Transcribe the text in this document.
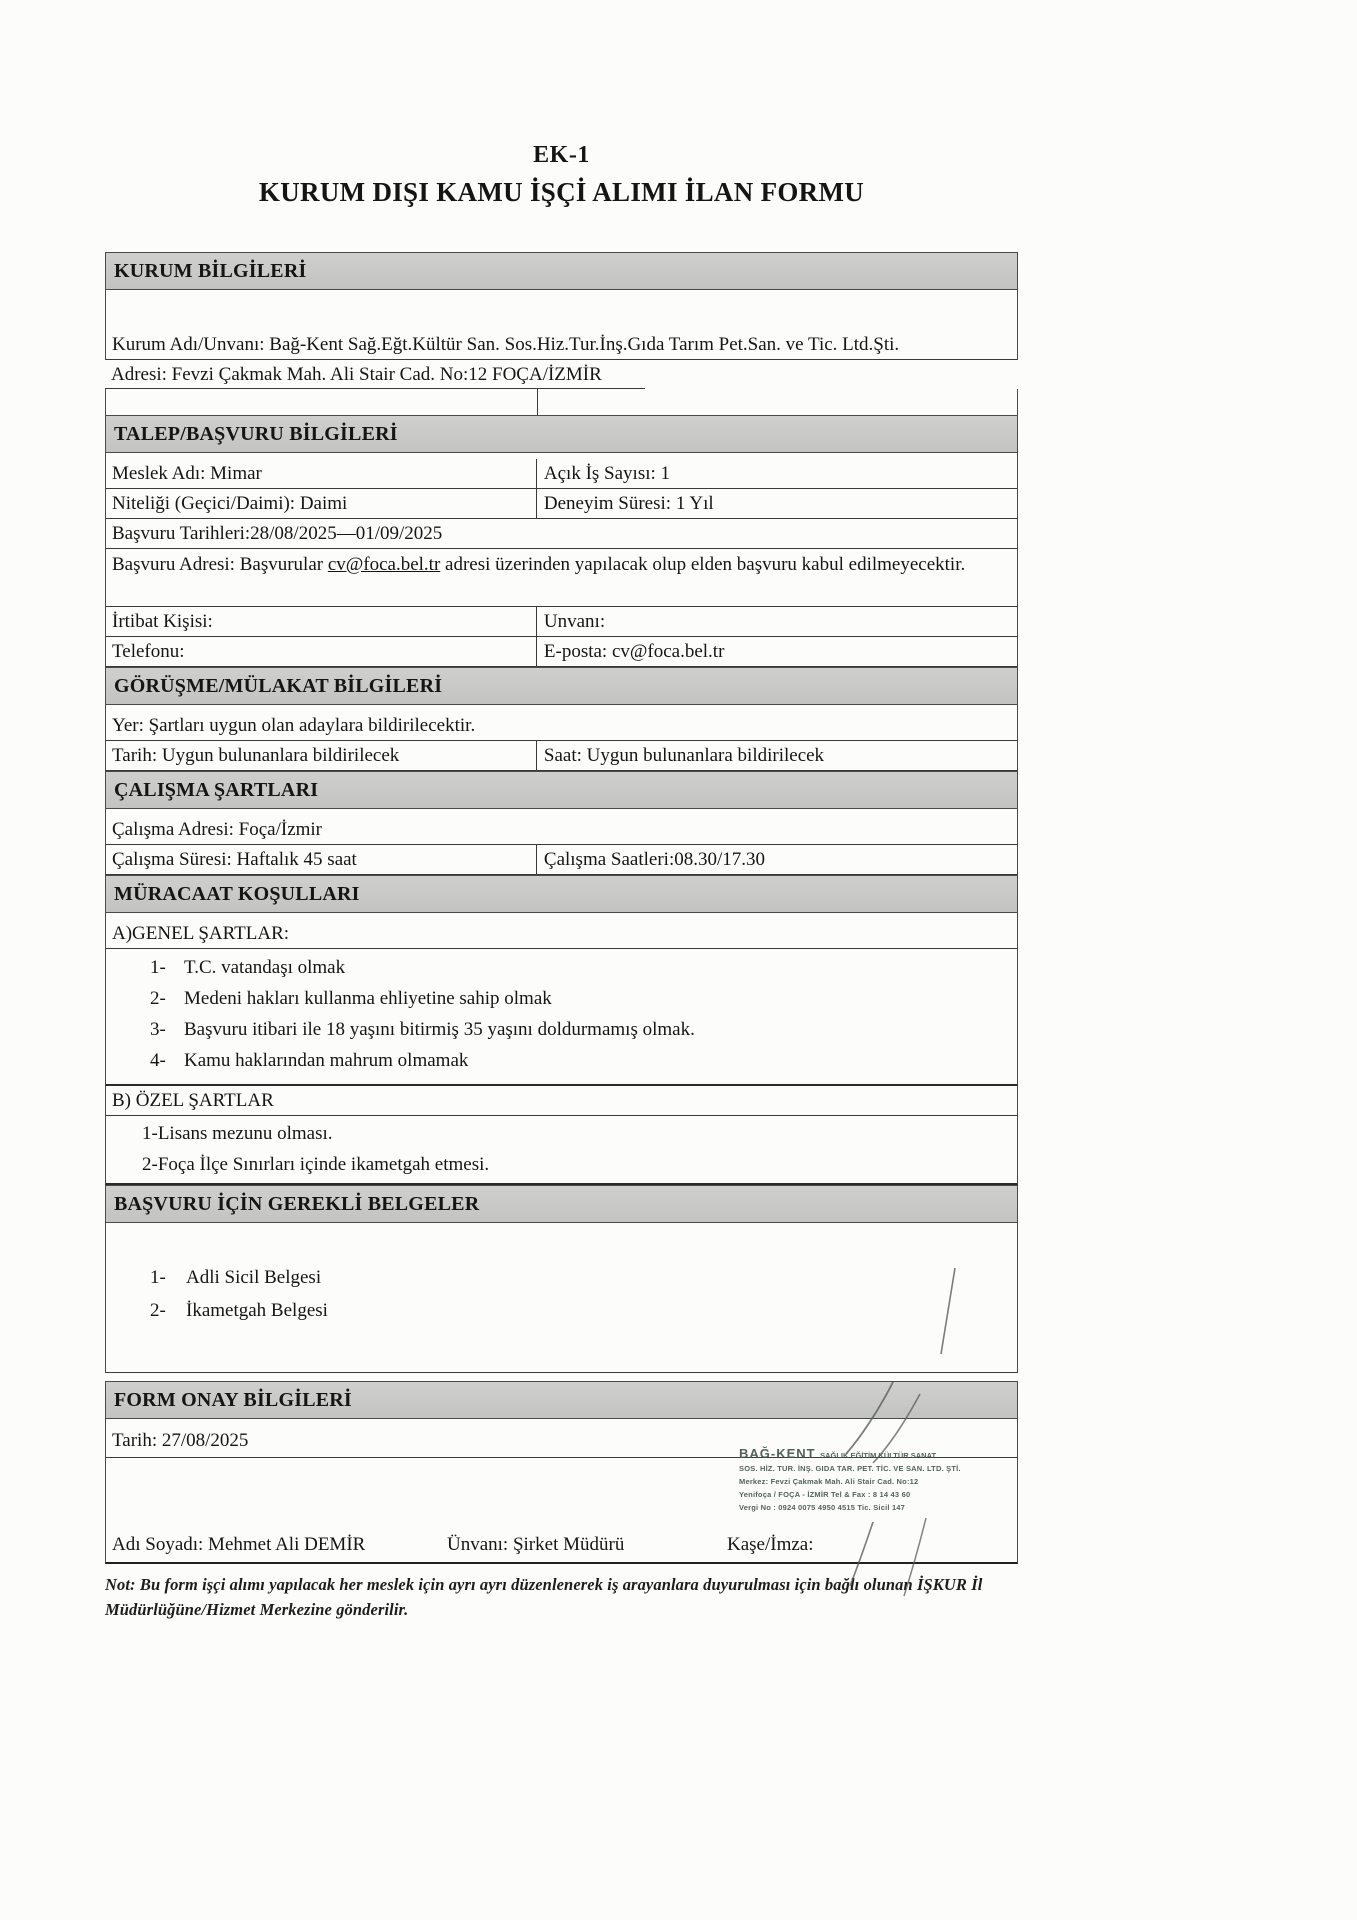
EK-1
KURUM DIŞI KAMU İŞÇİ ALIMI İLAN FORMU
KURUM BİLGİLERİ
Kurum Adı/Unvanı: Bağ-Kent Sağ.Eğt.Kültür San. Sos.Hiz.Tur.İnş.Gıda Tarım Pet.San. ve Tic. Ltd.Şti.
Adresi: Fevzi Çakmak Mah. Ali Stair Cad. No:12 FOÇA/İZMİR
TALEP/BAŞVURU BİLGİLERİ
Meslek Adı: Mimar	Açık İş Sayısı: 1
Niteliği (Geçici/Daimi): Daimi	Deneyim Süresi: 1 Yıl
Başvuru Tarihleri:28/08/2025—01/09/2025
Başvuru Adresi: Başvurular cv@foca.bel.tr adresi üzerinden yapılacak olup elden başvuru kabul edilmeyecektir.
İrtibat Kişisi:	Unvanı:
Telefonu:	E-posta: cv@foca.bel.tr
GÖRÜŞME/MÜLAKAT BİLGİLERİ
Yer: Şartları uygun olan adaylara bildirilecektir.
Tarih: Uygun bulunanlara bildirilecek	Saat: Uygun bulunanlara bildirilecek
ÇALIŞMA ŞARTLARI
Çalışma Adresi: Foça/İzmir
Çalışma Süresi: Haftalık 45 saat	Çalışma Saatleri:08.30/17.30
MÜRACAAT KOŞULLARI
A)GENEL ŞARTLAR:
1- T.C. vatandaşı olmak
2- Medeni hakları kullanma ehliyetine sahip olmak
3- Başvuru itibari ile 18 yaşını bitirmiş 35 yaşını doldurmamış olmak.
4- Kamu haklarından mahrum olmamak
B) ÖZEL ŞARTLAR
1-Lisans mezunu olması.
2-Foça İlçe Sınırları içinde ikametgah etmesi.
BAŞVURU İÇİN GEREKLİ BELGELER
1- Adli Sicil Belgesi
2- İkametgah Belgesi
FORM ONAY BİLGİLERİ
Tarih: 27/08/2025
BAĞ-KENT SAĞLIK EĞİTİM KÜLTÜR SANAT
SOS. HİZ. TUR. İNŞ. GIDA TAR. PET. TİC. VE SAN. LTD. ŞTİ.
Merkez: Fevzi Çakmak Mah. Ali Stair Cad. No:12
Yenifoça / FOÇA - İZMİR Tel & Fax : 8 14 43 60
Vergi No : 0924 0075 4950 4515 Tic. Sicil 147
Adı Soyadı: Mehmet Ali DEMİR	Ünvanı: Şirket Müdürü	Kaşe/İmza:
Not: Bu form işçi alımı yapılacak her meslek için ayrı ayrı düzenlenerek iş arayanlara duyurulması için bağlı olunan İŞKUR İl Müdürlüğüne/Hizmet Merkezine gönderilir.
